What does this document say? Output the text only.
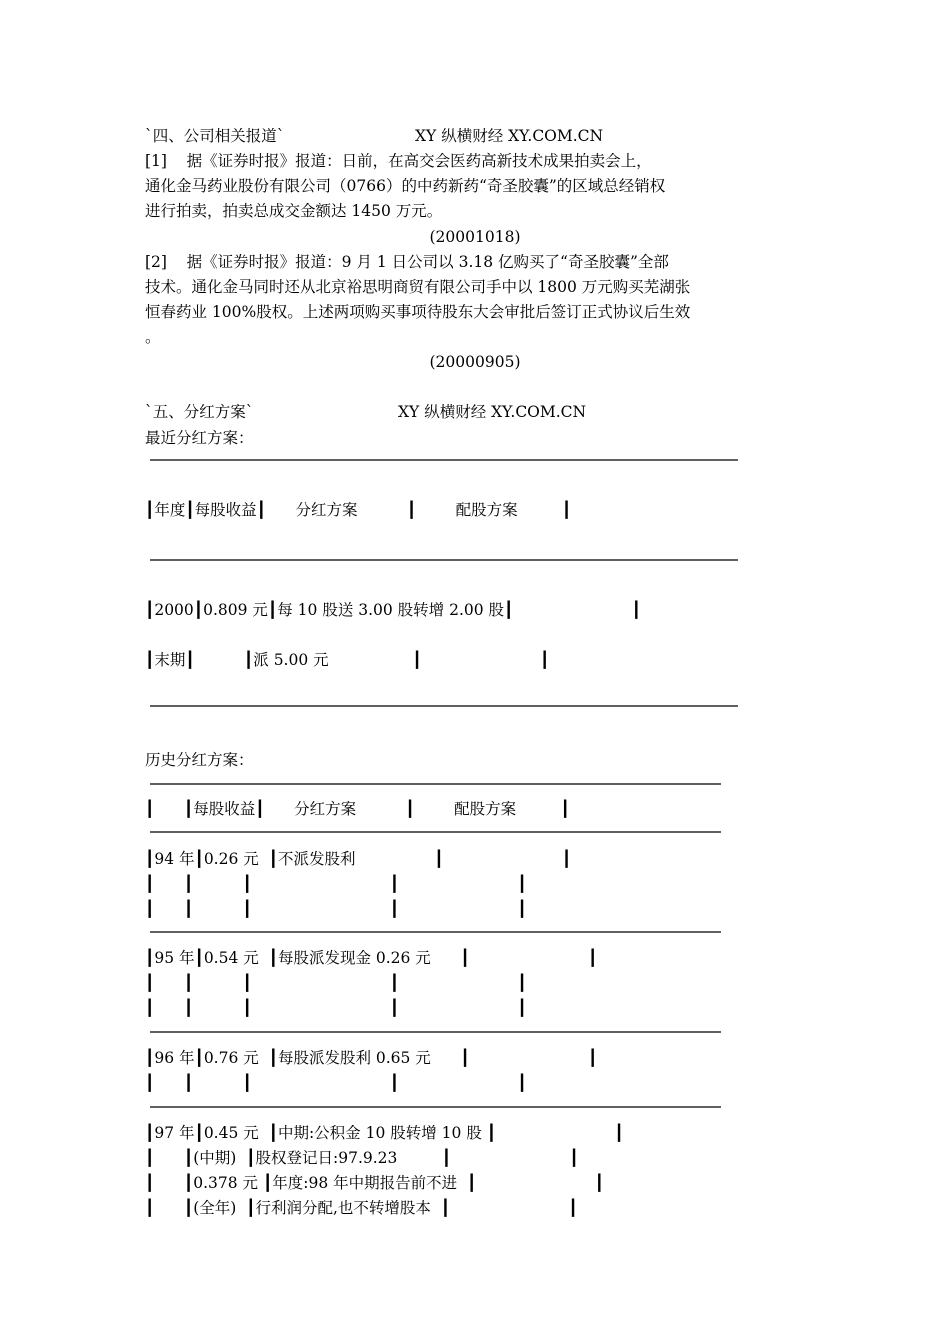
`四、公司相关报道`	XY 纵横财经 XY.COM.CN

[1]    据《证券时报》报道：日前，在高交会医药高新技术成果拍卖会上，

通化金马药业股份有限公司（0766）的中药新药“奇圣胶囊”的区域总经销权

进行拍卖，拍卖总成交金额达 1450 万元。

(20001018)

[2]    据《证券时报》报道：9 月 1 日公司以 3.18 亿购买了“奇圣胶囊”全部

技术。通化金马同时还从北京裕思明商贸有限公司手中以 1800 万元购买芜湖张

恒春药业 100%股权。上述两项购买事项待股东大会审批后签订正式协议后生效

。

(20000905)

`五、分红方案`	XY 纵横财经 XY.COM.CN

最近分红方案：

┃年度┃每股收益┃      分红方案          ┃        配股方案         ┃

┃2000┃0.809 元┃每 10 股送 3.00 股转增 2.00 股┃                        ┃

┃末期┃          ┃派 5.00 元                 ┃                        ┃

历史分红方案：

┃      ┃每股收益┃      分红方案          ┃        配股方案         ┃

┃94 年┃0.26 元  ┃不派发股利                ┃                        ┃

┃      ┃          ┃                            ┃                        ┃

┃      ┃          ┃                            ┃                        ┃

┃95 年┃0.54 元  ┃每股派发现金 0.26 元      ┃                        ┃

┃      ┃          ┃                            ┃                        ┃

┃      ┃          ┃                            ┃                        ┃

┃96 年┃0.76 元  ┃每股派发股利 0.65 元      ┃                        ┃

┃      ┃          ┃                            ┃                        ┃

┃97 年┃0.45 元  ┃中期:公积金 10 股转增 10 股 ┃                        ┃

┃      ┃(中期)  ┃股权登记日:97.9.23         ┃                        ┃

┃      ┃0.378 元 ┃年度:98 年中期报告前不进  ┃                        ┃

┃      ┃(全年)  ┃行利润分配,也不转增股本  ┃                        ┃
